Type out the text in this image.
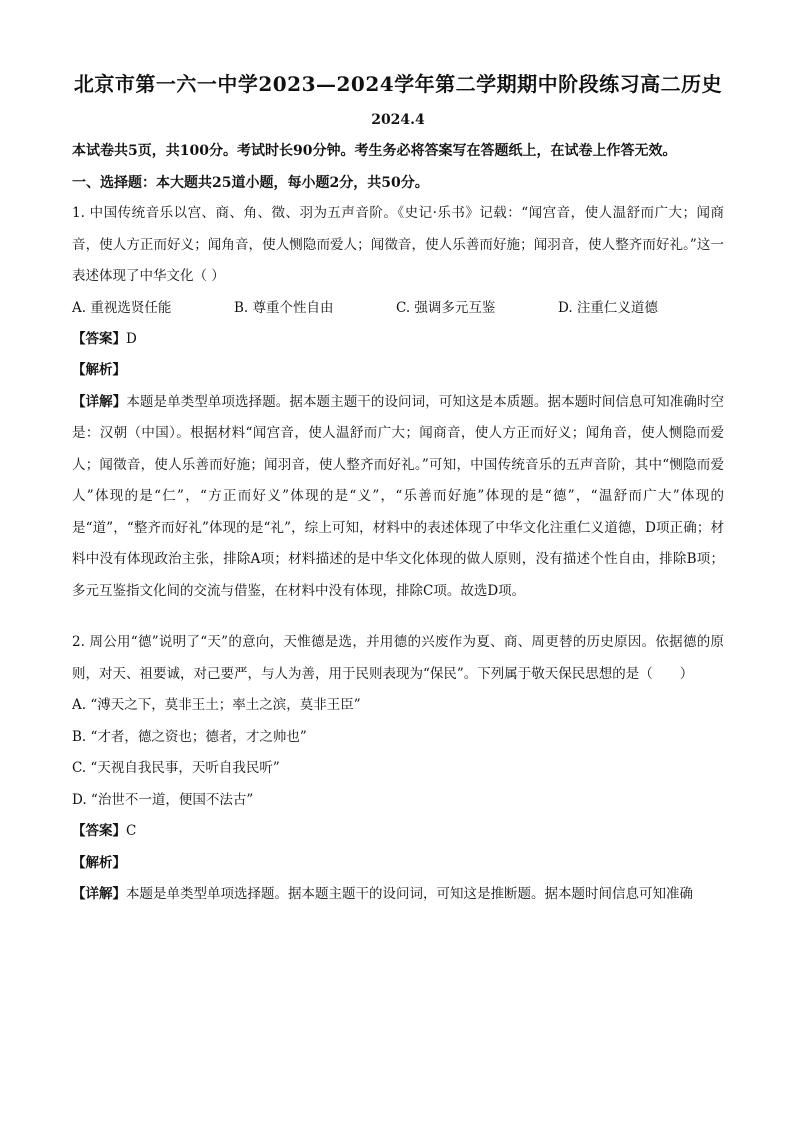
北京市第一六一中学2023—2024学年第二学期期中阶段练习高二历史
2024.4
本试卷共5页，共100分。考试时长90分钟。考生务必将答案写在答题纸上，在试卷上作答无效。
一、选择题：本大题共25道小题，每小题2分，共50分。

1. 中国传统音乐以宫、商、角、徵、羽为五声音阶。《史记·乐书》记载：“闻宫音，使人温舒而广大；闻商音，使人方正而好义；闻角音，使人恻隐而爱人；闻徵音，使人乐善而好施；闻羽音，使人整齐而好礼。”这一表述体现了中华文化（ ）

A. 重视选贤任能	B. 尊重个性自由	C. 强调多元互鉴	D. 注重仁义道德
【答案】D
【解析】

【详解】本题是单类型单项选择题。据本题主题干的设问词，可知这是本质题。据本题时间信息可知准确时空是：汉朝（中国）。根据材料“闻宫音，使人温舒而广大；闻商音，使人方正而好义；闻角音，使人恻隐而爱人；闻徵音，使人乐善而好施；闻羽音，使人整齐而好礼。”可知，中国传统音乐的五声音阶，其中“恻隐而爱人”体现的是“仁”，“方正而好义”体现的是“义”，“乐善而好施”体现的是“德”，“温舒而广大”体现的是“道”，“整齐而好礼”体现的是“礼”，综上可知，材料中的表述体现了中华文化注重仁义道德，D项正确；材料中没有体现政治主张，排除A项；材料描述的是中华文化体现的做人原则，没有描述个性自由，排除B项；多元互鉴指文化间的交流与借鉴，在材料中没有体现，排除C项。故选D项。

2. 周公用“德”说明了“天”的意向，天惟德是选，并用德的兴废作为夏、商、周更替的历史原因。依据德的原则，对天、祖要诚，对己要严，与人为善，用于民则表现为“保民”。下列属于敬天保民思想的是（　　）

A. “溥天之下，莫非王土；率土之滨，莫非王臣”
B. “才者，德之资也；德者，才之帅也”
C. “天视自我民事，天听自我民听”
D. “治世不一道，便国不法古”
【答案】C
【解析】

【详解】本题是单类型单项选择题。据本题主题干的设问词，可知这是推断题。据本题时间信息可知准确
